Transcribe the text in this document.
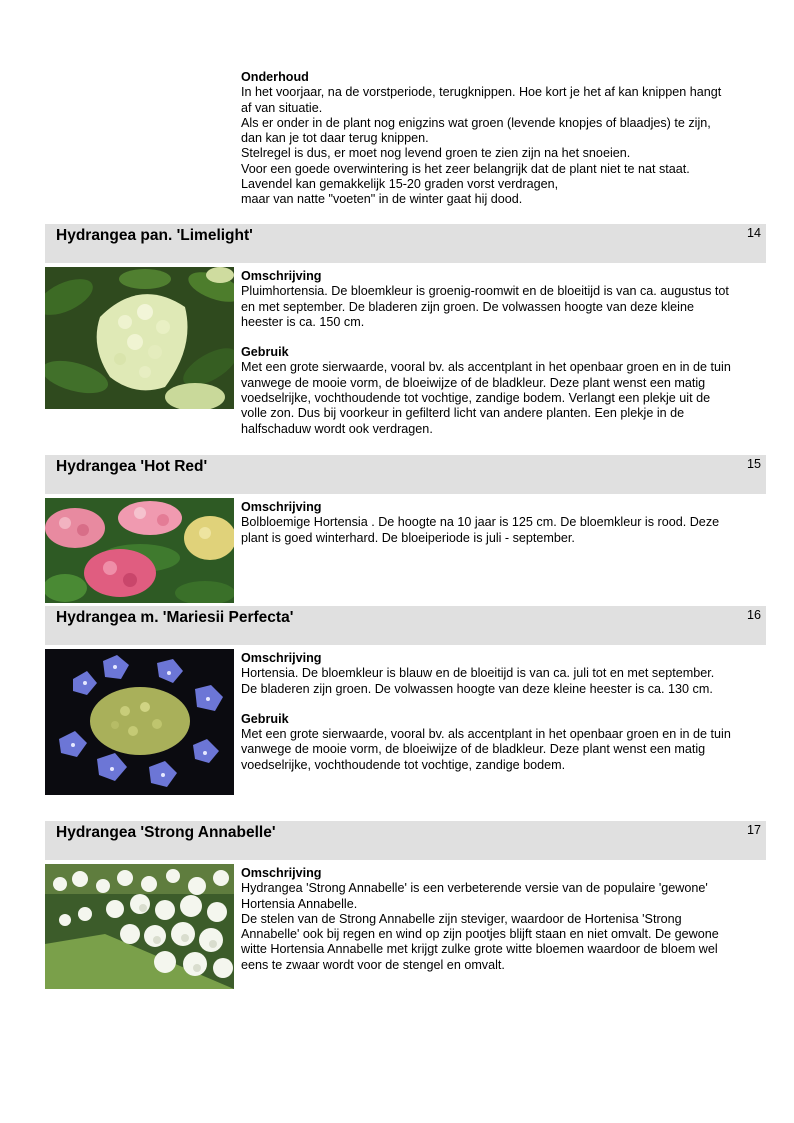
Onderhoud
In het voorjaar, na de vorstperiode, terugknippen. Hoe kort je het af kan knippen hangt
af van situatie.
Als er onder in de plant nog enigzins wat groen (levende knopjes of blaadjes) te zijn,
dan kan je tot daar terug knippen.
Stelregel is dus, er moet nog levend groen te zien zijn na het snoeien.
Voor een goede overwintering is het zeer belangrijk dat de plant niet te nat staat.
Lavendel kan gemakkelijk 15-20 graden vorst verdragen,
maar van natte "voeten" in de winter gaat hij dood.
Hydrangea pan. 'Limelight'	14
Omschrijving
Pluimhortensia. De bloemkleur is groenig-roomwit en de bloeitijd is van ca. augustus tot
en met september. De bladeren zijn groen. De volwassen hoogte van deze kleine
heester is ca. 150 cm.
Gebruik
Met een grote sierwaarde, vooral bv. als accentplant in het openbaar groen en in de tuin
vanwege de mooie vorm, de bloeiwijze of de bladkleur. Deze plant wenst een matig
voedselrijke, vochthoudende tot vochtige, zandige bodem. Verlangt een plekje uit de
volle zon. Dus bij voorkeur in gefilterd licht van andere planten. Een plekje in de
halfschaduw wordt ook verdragen.
Hydrangea 'Hot Red'	15
Omschrijving
Bolbloemige Hortensia . De hoogte na 10 jaar is 125 cm. De bloemkleur is rood. Deze
plant is goed winterhard. De bloeiperiode is juli - september.
Hydrangea m. 'Mariesii Perfecta'	16
Omschrijving
Hortensia. De bloemkleur is blauw en de bloeitijd is van ca. juli tot en met september.
De bladeren zijn groen. De volwassen hoogte van deze kleine heester is ca. 130 cm.
Gebruik
Met een grote sierwaarde, vooral bv. als accentplant in het openbaar groen en in de tuin
vanwege de mooie vorm, de bloeiwijze of de bladkleur. Deze plant wenst een matig
voedselrijke, vochthoudende tot vochtige, zandige bodem.
Hydrangea 'Strong Annabelle'	17
Omschrijving
Hydrangea 'Strong Annabelle' is een verbeterende versie van de populaire 'gewone'
Hortensia Annabelle.
De stelen van de Strong Annabelle zijn steviger, waardoor de Hortenisa 'Strong
Annabelle' ook bij regen en wind op zijn pootjes blijft staan en niet omvalt. De gewone
witte Hortensia Annabelle met krijgt zulke grote witte bloemen waardoor de bloem wel
eens te zwaar wordt voor de stengel en omvalt.
